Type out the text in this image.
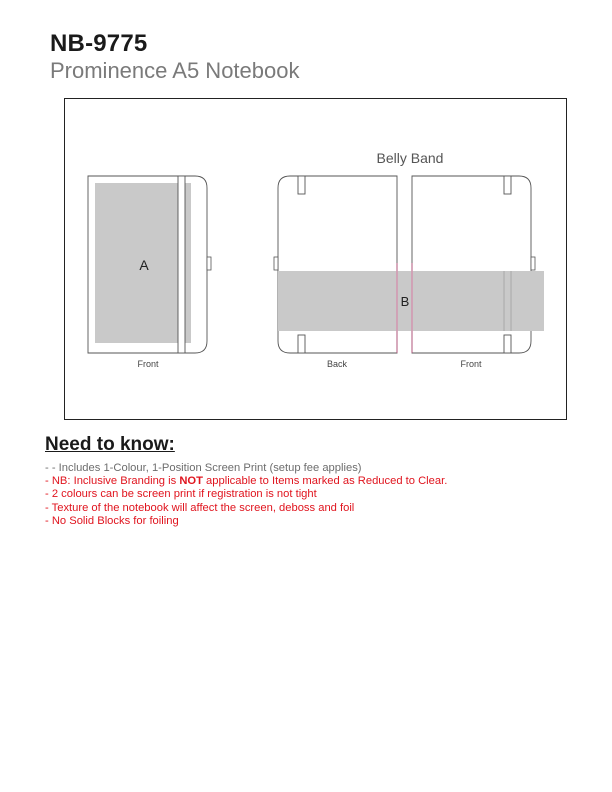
NB-9775
Prominence A5 Notebook
A
Front	Back	Front
B
Belly Band
Need to know:
- - Includes 1-Colour, 1-Position Screen Print (setup fee applies)
- NB: Inclusive Branding is NOT applicable to Items marked as Reduced to Clear.
- 2 colours can be screen print if registration is not tight
- Texture of the notebook will affect the screen, deboss and foil
- No Solid Blocks for foiling
